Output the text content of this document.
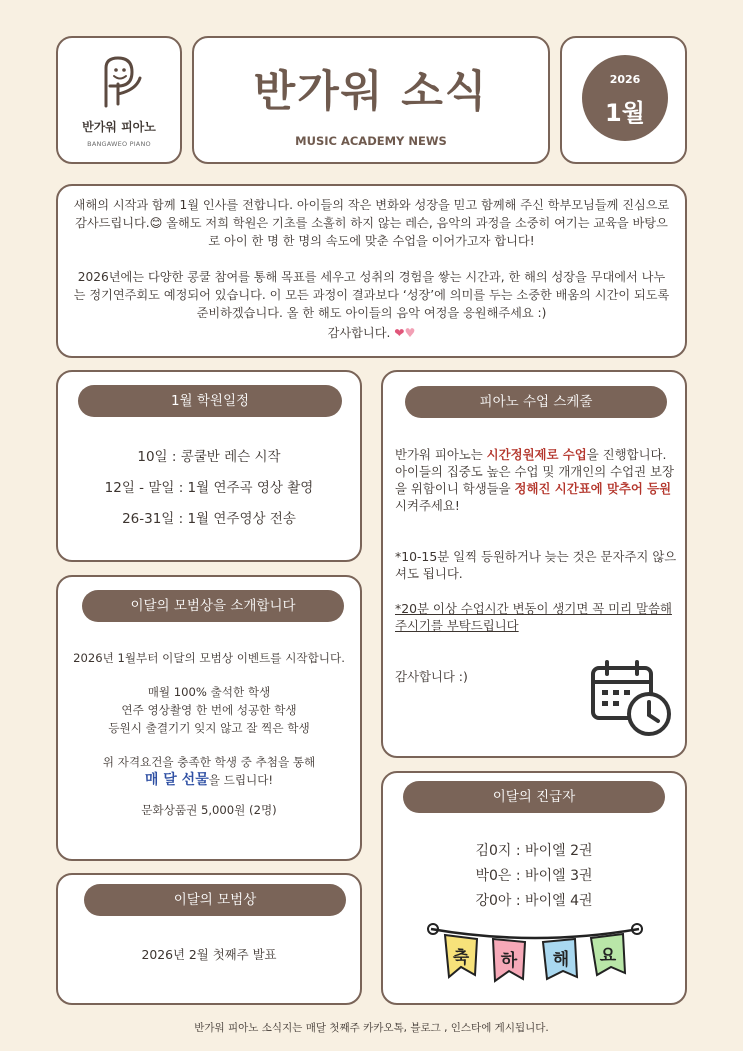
반가워 피아노
BANGAWEO PIANO
반가워 소식
MUSIC ACADEMY NEWS
2026
1월

새해의 시작과 함께 1월 인사를 전합니다. 아이들의 작은 변화와 성장을 믿고 함께해 주신 학부모님들께 진심으로 감사드립니다.😊 올해도 저희 학원은 기초를 소홀히 하지 않는 레슨, 음악의 과정을 소중히 여기는 교육을 바탕으로 아이 한 명 한 명의 속도에 맞춘 수업을 이어가고자 합니다!

2026년에는 다양한 콩쿨 참여를 통해 목표를 세우고 성취의 경험을 쌓는 시간과, 한 해의 성장을 무대에서 나누는 정기연주회도 예정되어 있습니다. 이 모든 과정이 결과보다 ‘성장’에 의미를 두는 소중한 배움의 시간이 되도록 준비하겠습니다. 올 한 해도 아이들의 음악 여정을 응원해주세요 :)

감사합니다. ❤♥

1월 학원일정
10일 : 콩쿨반 레슨 시작
12일 - 말일 : 1월 연주곡 영상 촬영
26-31일 : 1월 연주영상 전송
피아노 수업 스케줄

반가워 피아노는 시간정원제로 수업을 진행합니다. 아이들의 집중도 높은 수업 및 개개인의 수업권 보장을 위함이니 학생들을 정해진 시간표에 맞추어 등원시켜주세요!

*10-15분 일찍 등원하거나 늦는 것은 문자주지 않으셔도 됩니다.

*20분 이상 수업시간 변동이 생기면 꼭 미리 말씀해주시기를 부탁드립니다

감사합니다 :)

이달의 모범상을 소개합니다

2026년 1월부터 이달의 모범상 이벤트를 시작합니다.

매월 100% 출석한 학생

연주 영상촬영 한 번에 성공한 학생

등원시 출결기기 잊지 않고 잘 찍은 학생

위 자격요건을 충족한 학생 중 추첨을 통해

매 달 선물을 드립니다!

문화상품권 5,000원 (2명)

이달의 모범상
2026년 2월 첫째주 발표
이달의 진급자
김0지 : 바이엘 2권
박0은 : 바이엘 3권
강0아 : 바이엘 4권
축 하 해 요
반가워 피아노 소식지는 매달 첫째주 카카오톡, 블로그 , 인스타에 게시됩니다.
